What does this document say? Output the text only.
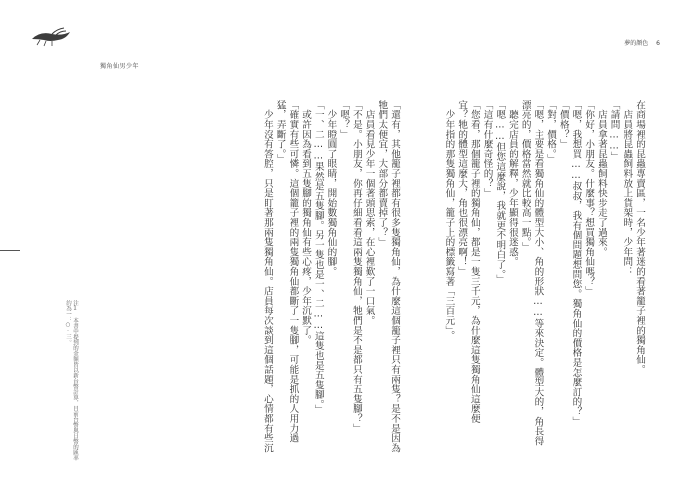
獨角仙男少年
夢的顏色 6
在商場裡的昆蟲專賣區，一名少年著迷的看著籠子裡的獨角仙。
　店員將昆蟲飼料放上貨架時，少年問：
「請問……」
　店員拿著昆蟲飼料快步走了過來。
「你好，小朋友。什麼事？想買獨角仙嗎？」
「嗯，我想買……叔叔，我有個問題想問您。獨角仙的價格是怎麼訂的？」
「價格？」
「對，價格。」
「嗯，主要是看獨角仙的體型大小、角的形狀……等來決定。體型大的，角長得
漂亮的，價格當然就比較高一點。」
　聽完店員的解釋，少年顯得很迷惑。
「嗯……但您這麼說，我就更不明白了。」
「這有什麼奇怪的？」
「您看，那個籠子裡的獨角仙，都是一隻三千元，為什麼這隻獨角仙這麼便
宜？牠的體型這麼大，角也很漂亮啊！」
　少年指的那隻獨角仙，籠子上的標籤寫著「三百元」。
「還有，其他籠子裡都有很多隻獨角仙，為什麼這個籠子裡只有兩隻？是不是因為
牠們太便宜，大部分都賣掉了？」
　店員看見少年一個著頭思索，在心裡歎了一口氣。
「不是。小朋友，你再仔細看看這兩隻獨角仙，牠們是不是都只有五隻腳？」
「嗯？」
　少年瞪圓了眼睛，開始數獨角仙的腳。
「一、二……果然是五隻腳。另一隻也是一、二……這隻也是五隻腳。」
　或許因為看到五隻腳的獨角仙有些心疼，少年沉默了。
「確實有些可憐。這個籠子裡的兩隻獨角仙都斷了一隻腳，可能是抓的人用力過
猛，弄斷了。」
　少年沒有答腔，只是盯著那兩隻獨角仙。店員每次談到這個話題，心情都有些沉
注1 本書中提到的金額皆以新台幣計算，目前台幣與日幣的匯率
約為一：○‧三。
